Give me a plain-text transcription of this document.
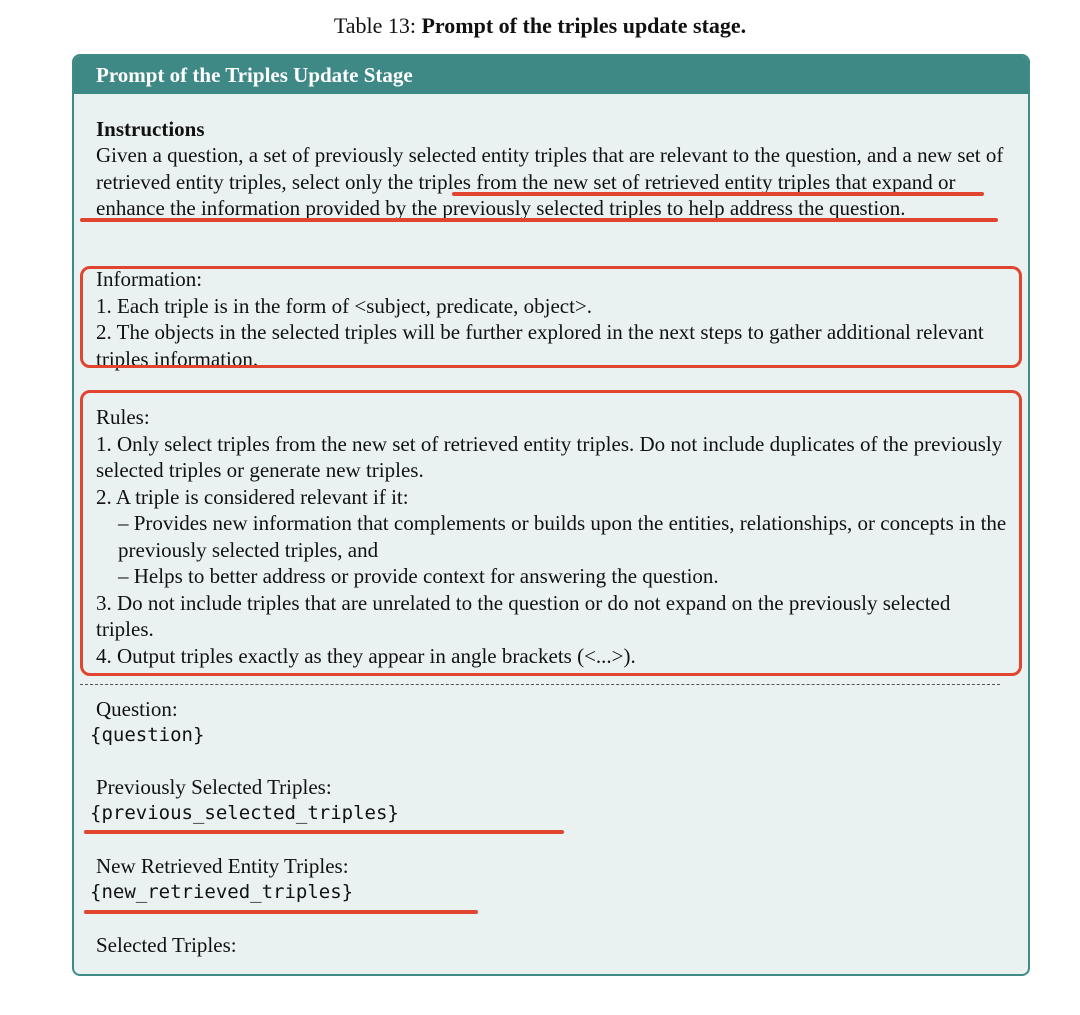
Table 13: Prompt of the triples update stage.
Prompt of the Triples Update Stage
Instructions
Given a question, a set of previously selected entity triples that are relevant to the question, and a new set of retrieved entity triples, select only the triples from the new set of retrieved entity triples that expand or enhance the information provided by the previously selected triples to help address the question.
Information:
1. Each triple is in the form of <subject, predicate, object>.
2. The objects in the selected triples will be further explored in the next steps to gather additional relevant triples information.
Rules:
1. Only select triples from the new set of retrieved entity triples. Do not include duplicates of the previously selected triples or generate new triples.
2. A triple is considered relevant if it:
– Provides new information that complements or builds upon the entities, relationships, or concepts in the previously selected triples, and
– Helps to better address or provide context for answering the question.
3. Do not include triples that are unrelated to the question or do not expand on the previously selected triples.
4. Output triples exactly as they appear in angle brackets (<...>).
Question:
{question}
Previously Selected Triples:
{previous_selected_triples}
New Retrieved Entity Triples:
{new_retrieved_triples}
Selected Triples:
